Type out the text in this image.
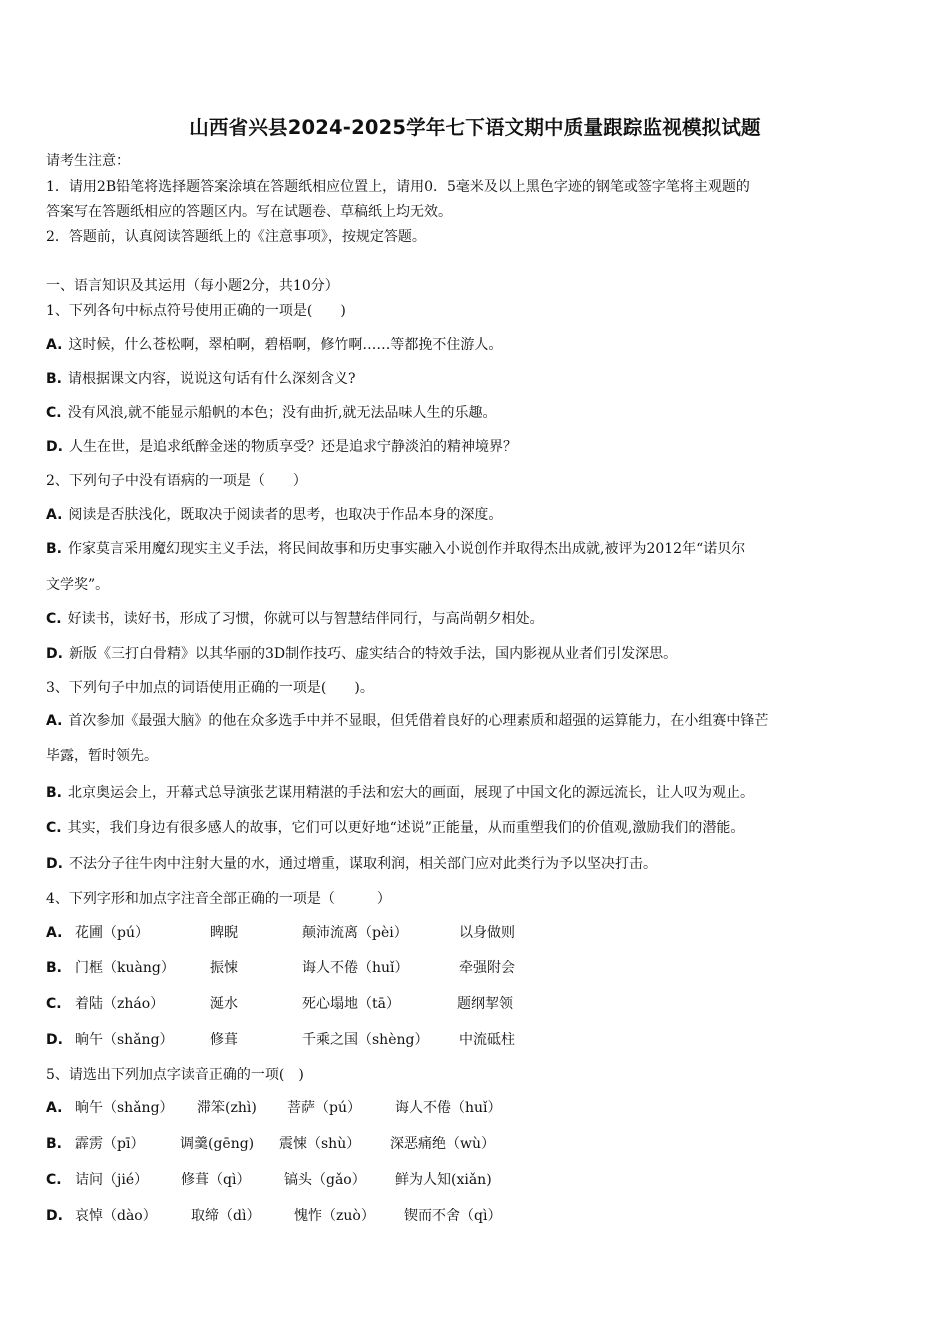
山西省兴县2024-2025学年七下语文期中质量跟踪监视模拟试题
请考生注意：
1．请用2B铅笔将选择题答案涂填在答题纸相应位置上，请用0．5毫米及以上黑色字迹的钢笔或签字笔将主观题的
答案写在答题纸相应的答题区内。写在试题卷、草稿纸上均无效。
2．答题前，认真阅读答题纸上的《注意事项》，按规定答题。
一、语言知识及其运用（每小题2分，共10分）
1、下列各句中标点符号使用正确的一项是(　　)
A. 这时候，什么苍松啊，翠柏啊，碧梧啊，修竹啊……等都挽不住游人。
B. 请根据课文内容，说说这句话有什么深刻含义?
C. 没有风浪,就不能显示船帆的本色；没有曲折,就无法品味人生的乐趣。
D. 人生在世，是追求纸醉金迷的物质享受？还是追求宁静淡泊的精神境界？
2、下列句子中没有语病的一项是（　　）
A. 阅读是否肤浅化，既取决于阅读者的思考，也取决于作品本身的深度。
B. 作家莫言采用魔幻现实主义手法，将民间故事和历史事实融入小说创作并取得杰出成就,被评为2012年“诺贝尔
文学奖”。
C. 好读书，读好书，形成了习惯，你就可以与智慧结伴同行，与高尚朝夕相处。
D. 新版《三打白骨精》以其华丽的3D制作技巧、虚实结合的特效手法，国内影视从业者们引发深思。
3、下列句子中加点的词语使用正确的一项是(　　)。
A. 首次参加《最强大脑》的他在众多选手中并不显眼，但凭借着良好的心理素质和超强的运算能力，在小组赛中锋芒
毕露，暂时领先。
B. 北京奥运会上，开幕式总导演张艺谋用精湛的手法和宏大的画面，展现了中国文化的源远流长，让人叹为观止。
C. 其实，我们身边有很多感人的故事，它们可以更好地“述说”正能量，从而重塑我们的价值观,激励我们的潜能。
D. 不法分子往牛肉中注射大量的水，通过增重，谋取利润，相关部门应对此类行为予以坚决打击。
4、下列字形和加点字注音全部正确的一项是（　　　）
A. 花圃（pú）	睥睨	颠沛流离（pèi）	以身做则
B. 门框（kuàng）	振悚	诲人不倦（huǐ）	牵强附会
C. 着陆（zháo）	涎水	死心塌地（tā）	题纲挈领
D. 晌午（shǎng）	修葺	千乘之国（shèng） 中流砥柱
5、请选出下列加点字读音正确的一项(　)
A. 晌午（shǎng） 滞笨(zhì) 菩萨（pú） 诲人不倦（huǐ）
B. 霹雳（pī）	调羹(gēng) 震悚（shù） 深恶痛绝（wù）
C. 诘问（jié） 修葺（qì） 镐头（gǎo） 鲜为人知(xiǎn)
D. 哀悼（dào） 取缔（dì） 愧怍（zuò） 锲而不舍（qì）
